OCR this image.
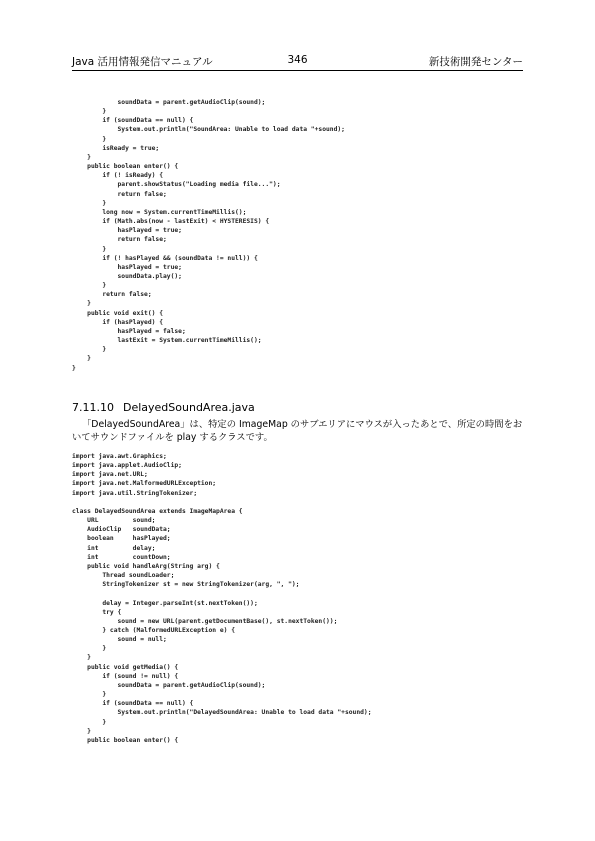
Java 活用情報発信マニュアル	346	新技術開発センター
soundData = parent.getAudioClip(sound);
}
if (soundData == null) {
System.out.println("SoundArea: Unable to load data "+sound);
}
isReady = true;
}
public boolean enter() {
if (! isReady) {
parent.showStatus("Loading media file...");
return false;
}
long now = System.currentTimeMillis();
if (Math.abs(now - lastExit) < HYSTERESIS) {
hasPlayed = true;
return false;
}
if (! hasPlayed && (soundData != null)) {
hasPlayed = true;
soundData.play();
}
return false;
}
public void exit() {
if (hasPlayed) {
hasPlayed = false;
lastExit = System.currentTimeMillis();
}
}
}

7.11.10 DelayedSoundArea.java

「DelayedSoundArea」は、特定の ImageMap のサブエリアにマウスが入ったあとで、所定の時間をおいてサウンドファイルを play するクラスです。

import java.awt.Graphics;
import java.applet.AudioClip;
import java.net.URL;
import java.net.MalformedURLException;
import java.util.StringTokenizer;

class DelayedSoundArea extends ImageMapArea {
URL         sound;
AudioClip   soundData;
boolean     hasPlayed;
int         delay;
int         countDown;
public void handleArg(String arg) {
Thread soundLoader;
StringTokenizer st = new StringTokenizer(arg, ", ");

delay = Integer.parseInt(st.nextToken());
try {
sound = new URL(parent.getDocumentBase(), st.nextToken());
} catch (MalformedURLException e) {
sound = null;
}
}
public void getMedia() {
if (sound != null) {
soundData = parent.getAudioClip(sound);
}
if (soundData == null) {
System.out.println("DelayedSoundArea: Unable to load data "+sound);
}
}
public boolean enter() {
